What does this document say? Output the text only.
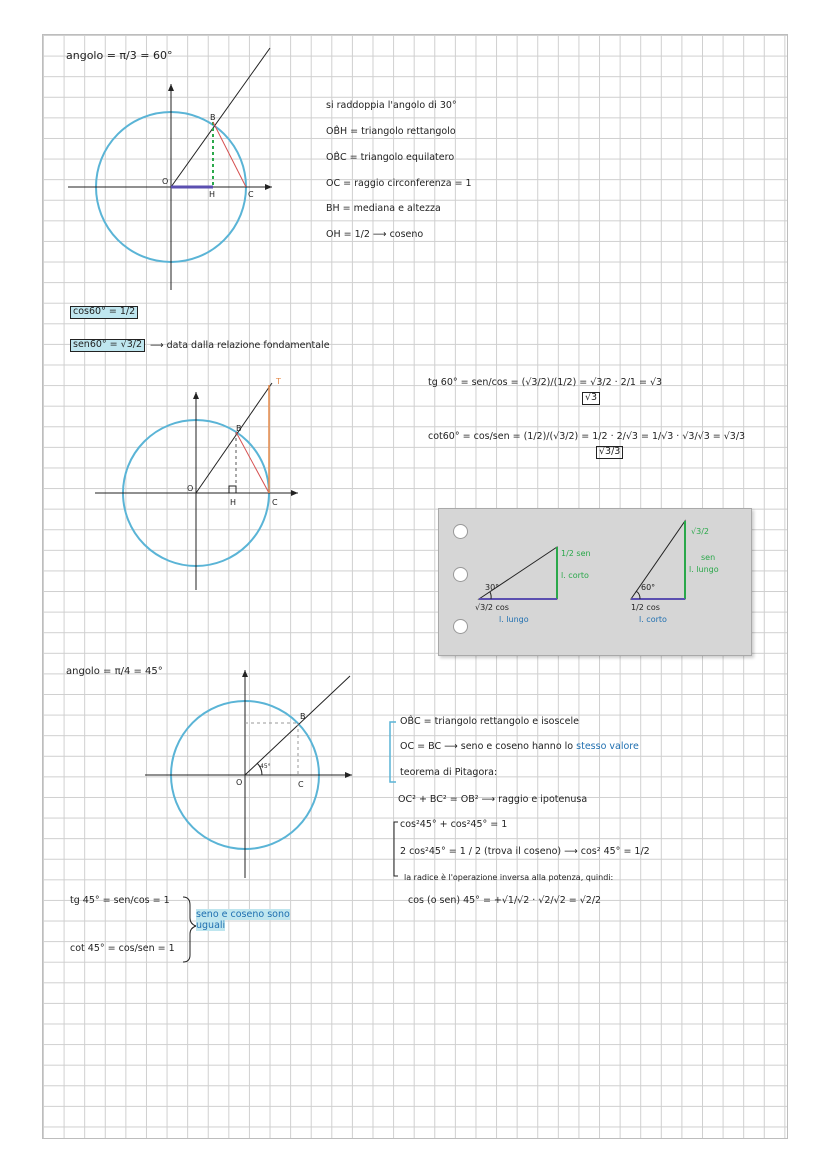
angolo = π/3 = 60°
B
O
H	C
si raddoppia l'angolo di 30°
OB̂H = triangolo rettangolo
OB̂C = triangolo equilatero
OC = raggio circonferenza = 1
BH = mediana e altezza
OH = 1/2 ⟶ coseno
cos60° = 1/2
sen60° = √3/2 ⟶ data dalla relazione fondamentale
T
B
O
H	C
tg 60° = sen/cos = (√3/2)/(1/2) = √3/2 · 2/1 = √3
√3
cot60° = cos/sen = (1/2)/(√3/2) = 1/2 · 2/√3 = 1/√3 · √3/√3 = √3/3
√3/3
30°
1/2 sen
l. corto
√3/2 cos
l. lungo
60°
√3/2
sen
l. lungo
1/2 cos
l. corto
angolo = π/4 = 45°
B
O	C
45°
OB̂C = triangolo rettangolo e isoscele
OC = BC ⟶ seno e coseno hanno lo stesso valore
teorema di Pitagora:
OC² + BC² = OB² ⟶ raggio e ipotenusa
cos²45° + cos²45° = 1
2 cos²45° = 1 / 2 (trova il coseno) ⟶ cos² 45° = 1/2
la radice è l'operazione inversa alla potenza, quindi:
cos (o sen) 45° = +√1/√2 · √2/√2 = √2/2
tg 45° = sen/cos = 1
cot 45° = cos/sen = 1
seno e coseno sono uguali
